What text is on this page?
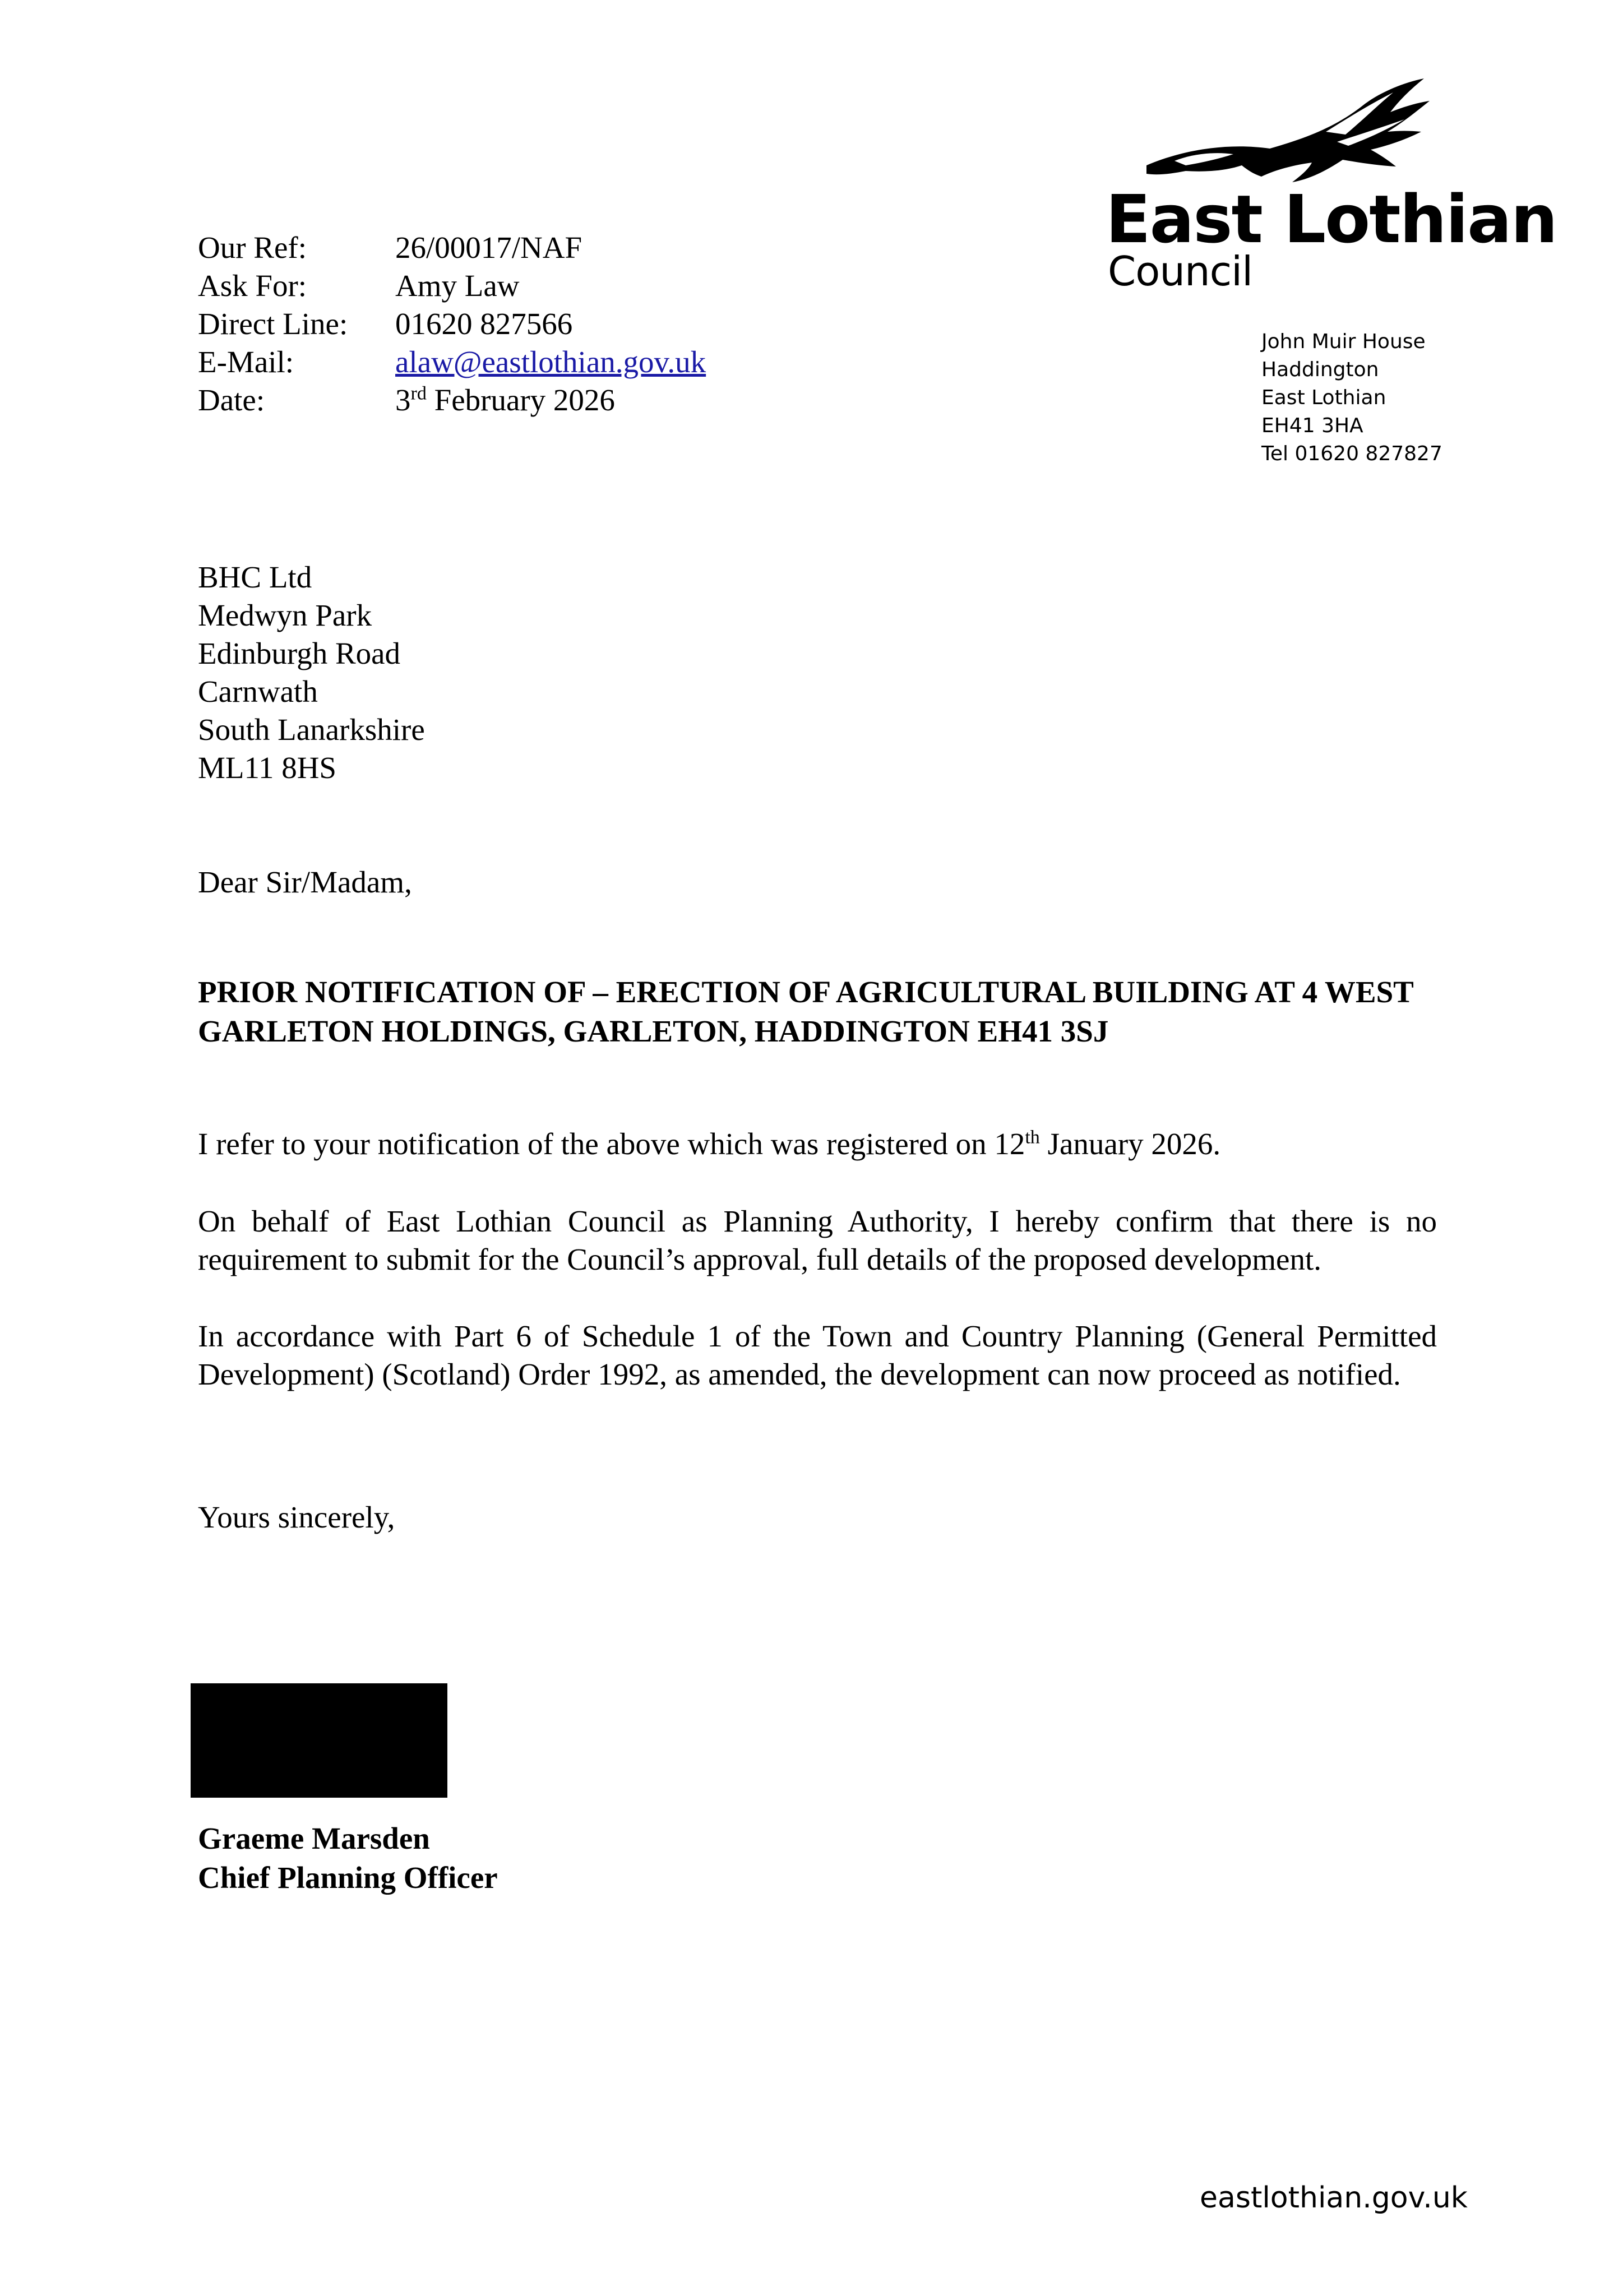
Our Ref:	26/00017/NAF
Ask For:	Amy Law
Direct Line:	01620 827566
E-Mail:	alaw@eastlothian.gov.uk
Date:	3rd February 2026
East Lothian
Council
John Muir House
Haddington
East Lothian
EH41 3HA
Tel 01620 827827
BHC Ltd
Medwyn Park
Edinburgh Road
Carnwath
South Lanarkshire
ML11 8HS
Dear Sir/Madam,
PRIOR NOTIFICATION OF – ERECTION OF AGRICULTURAL BUILDING AT 4 WEST GARLETON HOLDINGS, GARLETON, HADDINGTON EH41 3SJ
I refer to your notification of the above which was registered on 12th January 2026.
On behalf of East Lothian Council as Planning Authority, I hereby confirm that there is no requirement to submit for the Council’s approval, full details of the proposed development.
In accordance with Part 6 of Schedule 1 of the Town and Country Planning (General Permitted Development) (Scotland) Order 1992, as amended, the development can now proceed as notified.
Yours sincerely,
Graeme Marsden
Chief Planning Officer
eastlothian.gov.uk
